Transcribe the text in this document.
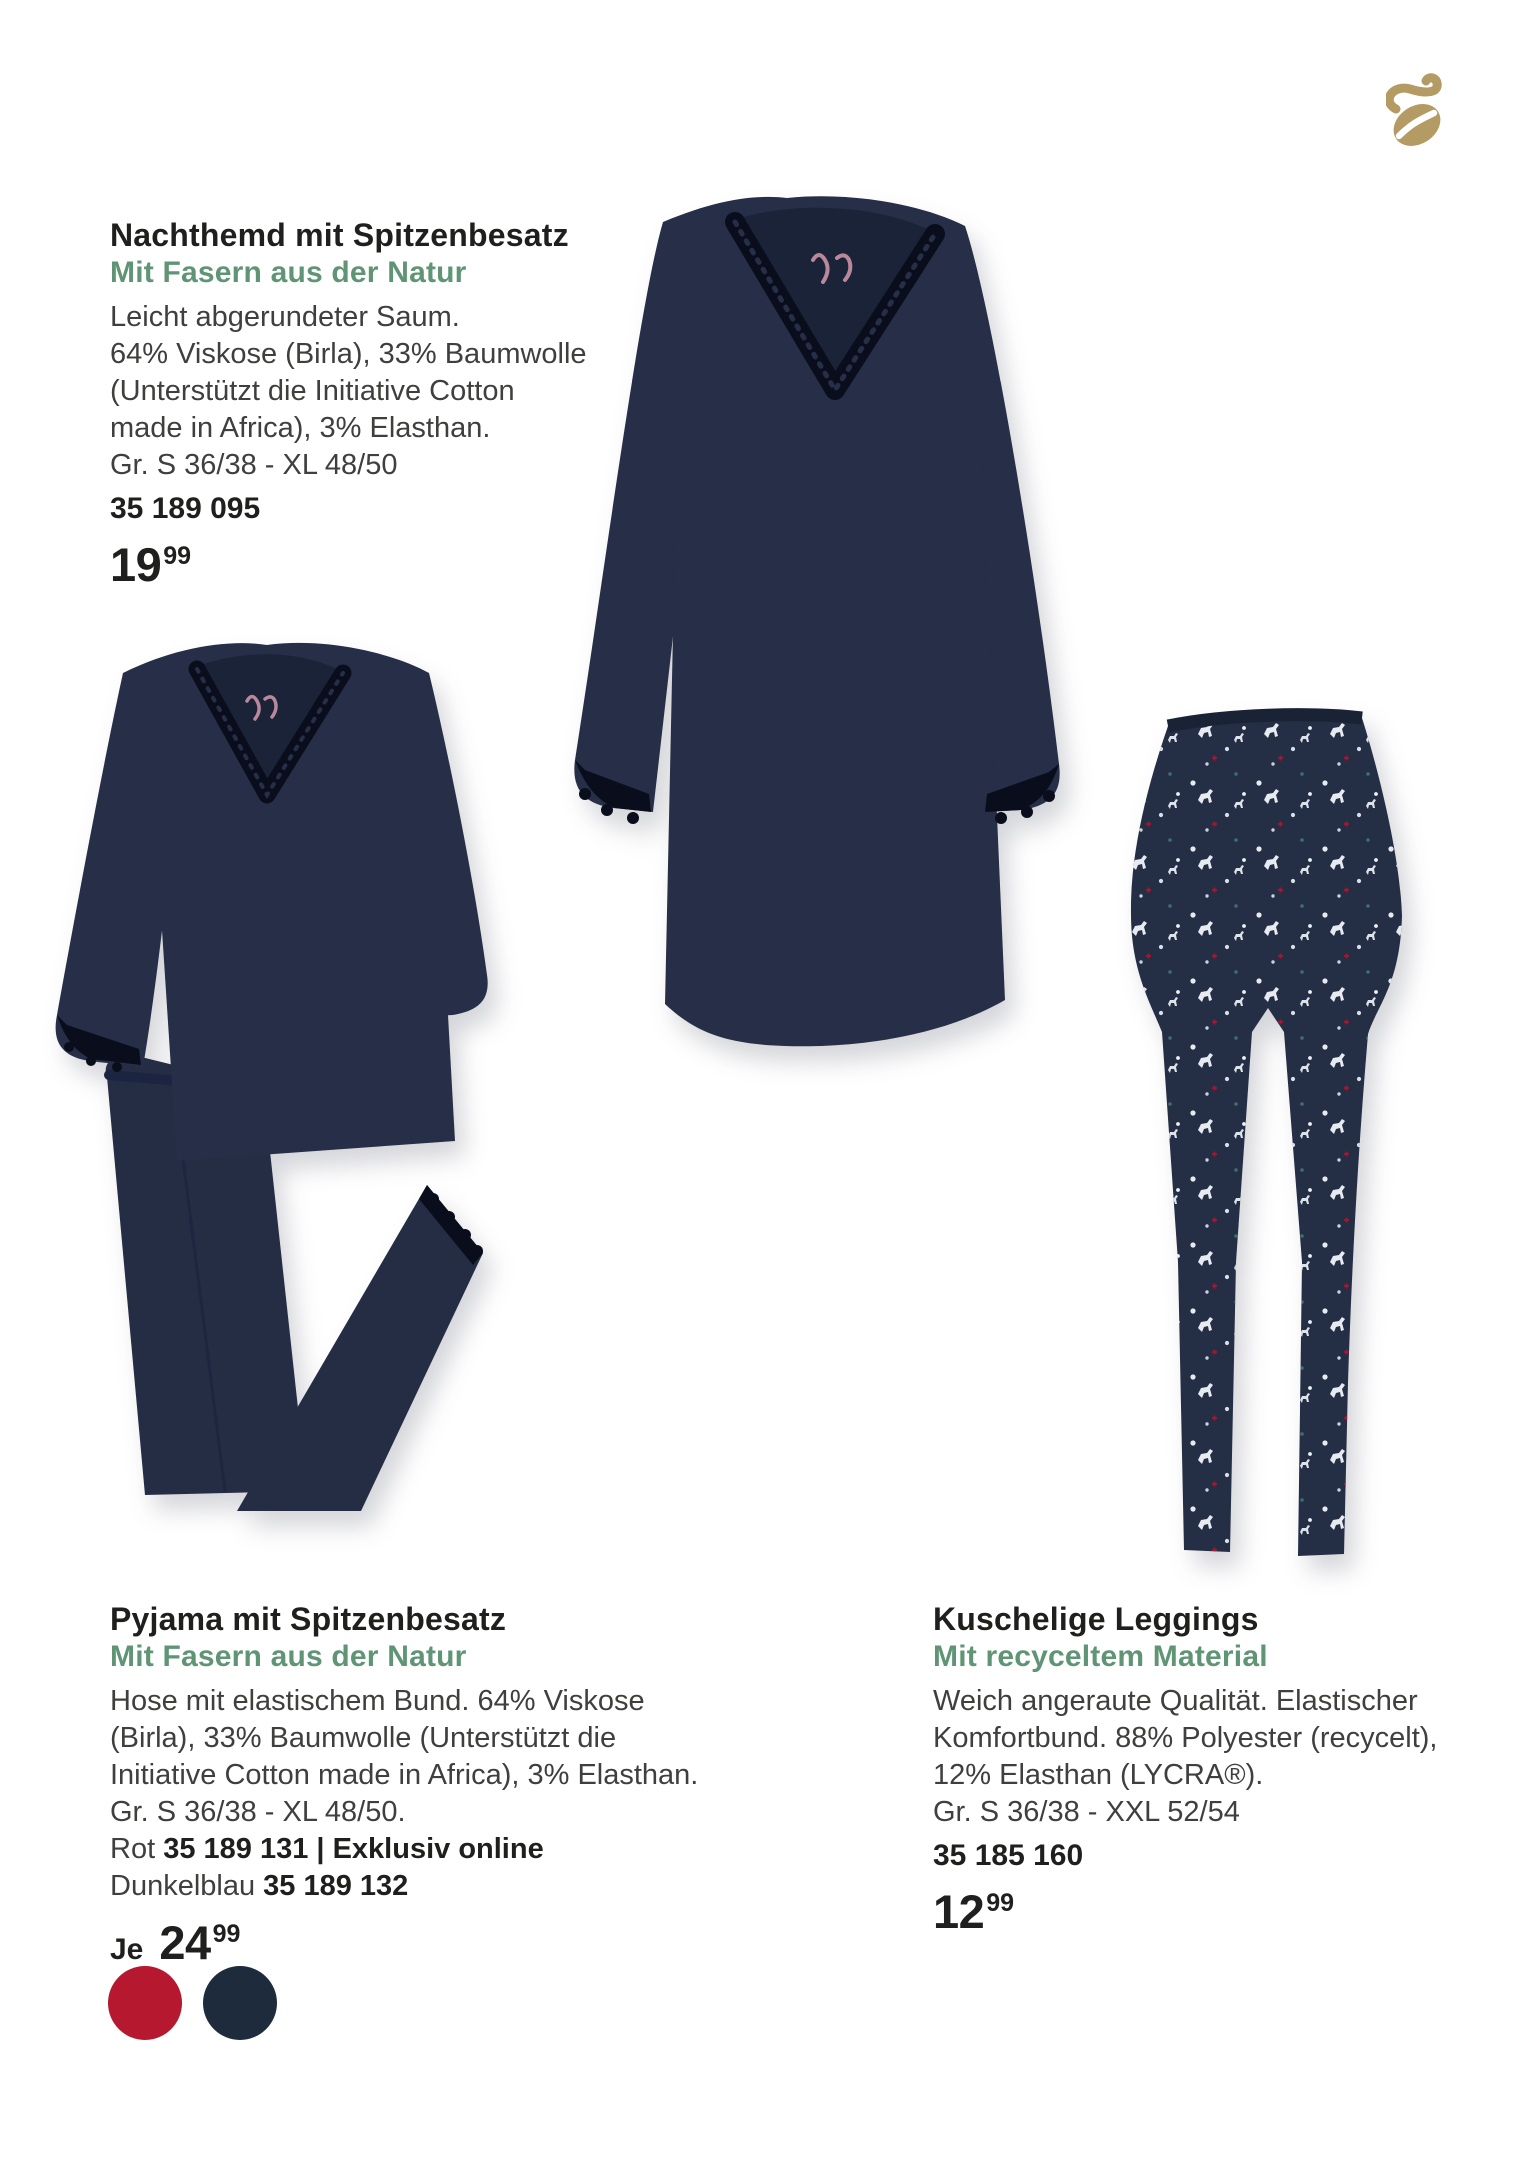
Nachthemd mit Spitzenbesatz
Mit Fasern aus der Natur
Leicht abgerundeter Saum.
64% Viskose (Birla), 33% Baumwolle
(Unterstützt die Initiative Cotton
made in Africa), 3% Elasthan.
Gr. S 36/38 - XL 48/50
35 189 095
19 99
Pyjama mit Spitzenbesatz
Mit Fasern aus der Natur
Hose mit elastischem Bund. 64% Viskose
(Birla), 33% Baumwolle (Unterstützt die
Initiative Cotton made in Africa), 3% Elasthan.
Gr. S 36/38 - XL 48/50.
Rot 35 189 131 | Exklusiv online
Dunkelblau 35 189 132
Je 24 99
Kuschelige Leggings
Mit recyceltem Material
Weich angeraute Qualität. Elastischer
Komfortbund. 88% Polyester (recycelt),
12% Elasthan (LYCRA®).
Gr. S 36/38 - XXL 52/54
35 185 160
12 99
